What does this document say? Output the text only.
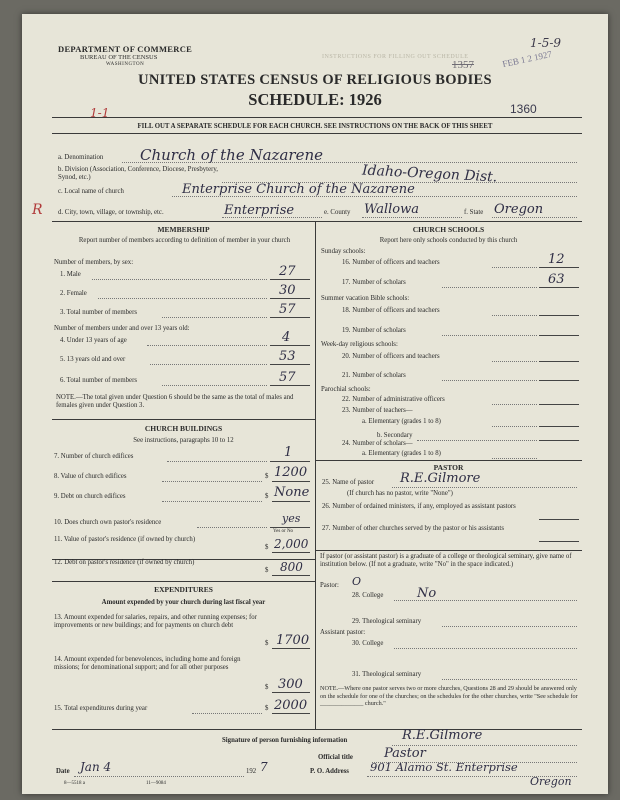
DEPARTMENT OF COMMERCE
BUREAU OF THE CENSUS
WASHINGTON
INSTRUCTIONS FOR FILLING OUT SCHEDULE
UNITED STATES CENSUS OF RELIGIOUS BODIES
SCHEDULE: 1926
FILL OUT A SEPARATE SCHEDULE FOR EACH CHURCH. SEE INSTRUCTIONS ON THE BACK OF THIS SHEET
1357	FEB 1 2 1927
1-5-9
1360
1-1
R
a. Denomination Church of the Nazarene
b. Division (Association, Conference, Diocese, Presbytery, Synod, etc.)	Idaho-Oregon Dist.
c. Local name of church	Enterprise Church of the Nazarene
d. City, town, village, or township, etc.	Enterprise	e. County Wallowa	f. State Oregon
MEMBERSHIP
Report number of members according to definition of member in your church
Number of members, by sex:
1. Male	27
2. Female	30
3. Total number of members	57
Number of members under and over 13 years old:
4. Under 13 years of age	4
5. 13 years old and over	53
6. Total number of members	57
NOTE.—The total given under Question 6 should be the same as the total of males and females given under Question 3.
CHURCH BUILDINGS
See instructions, paragraphs 10 to 12
7. Number of church edifices	1
8. Value of church edifices	$ 1200
9. Debt on church edifices	$ None
10. Does church own pastor's residence	yes
Yes or No
11. Value of pastor's residence (if owned by church)
$ 2,000
EXPENDITURES
12. Debt on pastor's residence (if owned by church)
$ 800
Amount expended by your church during last fiscal year
13. Amount expended for salaries, repairs, and other running expenses; for improvements or new buildings; and for payments on church debt
$ 1700
14. Amount expended for benevolences, including home and foreign missions; for denominational support; and for all other purposes
$ 300
15. Total expenditures during year	$ 2000
CHURCH SCHOOLS
Report here only schools conducted by this church
Sunday schools:
16. Number of officers and teachers	12
17. Number of scholars	63
Summer vacation Bible schools:
18. Number of officers and teachers
19. Number of scholars
Week-day religious schools:
20. Number of officers and teachers
21. Number of scholars
Parochial schools:
22. Number of administrative officers
23. Number of teachers—
a. Elementary (grades 1 to 8)
b. Secondary
24. Number of scholars—
a. Elementary (grades 1 to 8)
PASTOR
25. Name of pastor R.E.Gilmore
(If church has no pastor, write "None")
26. Number of ordained ministers, if any, employed as assistant pastors
27. Number of other churches served by the pastor or his assistants
If pastor (or assistant pastor) is a graduate of a college or theological seminary, give name of institution below. (If not a graduate, write "No" in the space indicated.)
Pastor: O
28. College	No
29. Theological seminary
Assistant pastor:
30. College
31. Theological seminary
NOTE.—Where one pastor serves two or more churches, Questions 28 and 29 should be answered only on the schedule for one of the churches; on the schedules for the other churches, write "See schedule for ______________ church."
Signature of person furnishing information	R.E.Gilmore
Official title Pastor
Date Jan 4	192 7	P. O. Address 901 Alamo St. Enterprise
Oregon
8—5518 a	11—9084
